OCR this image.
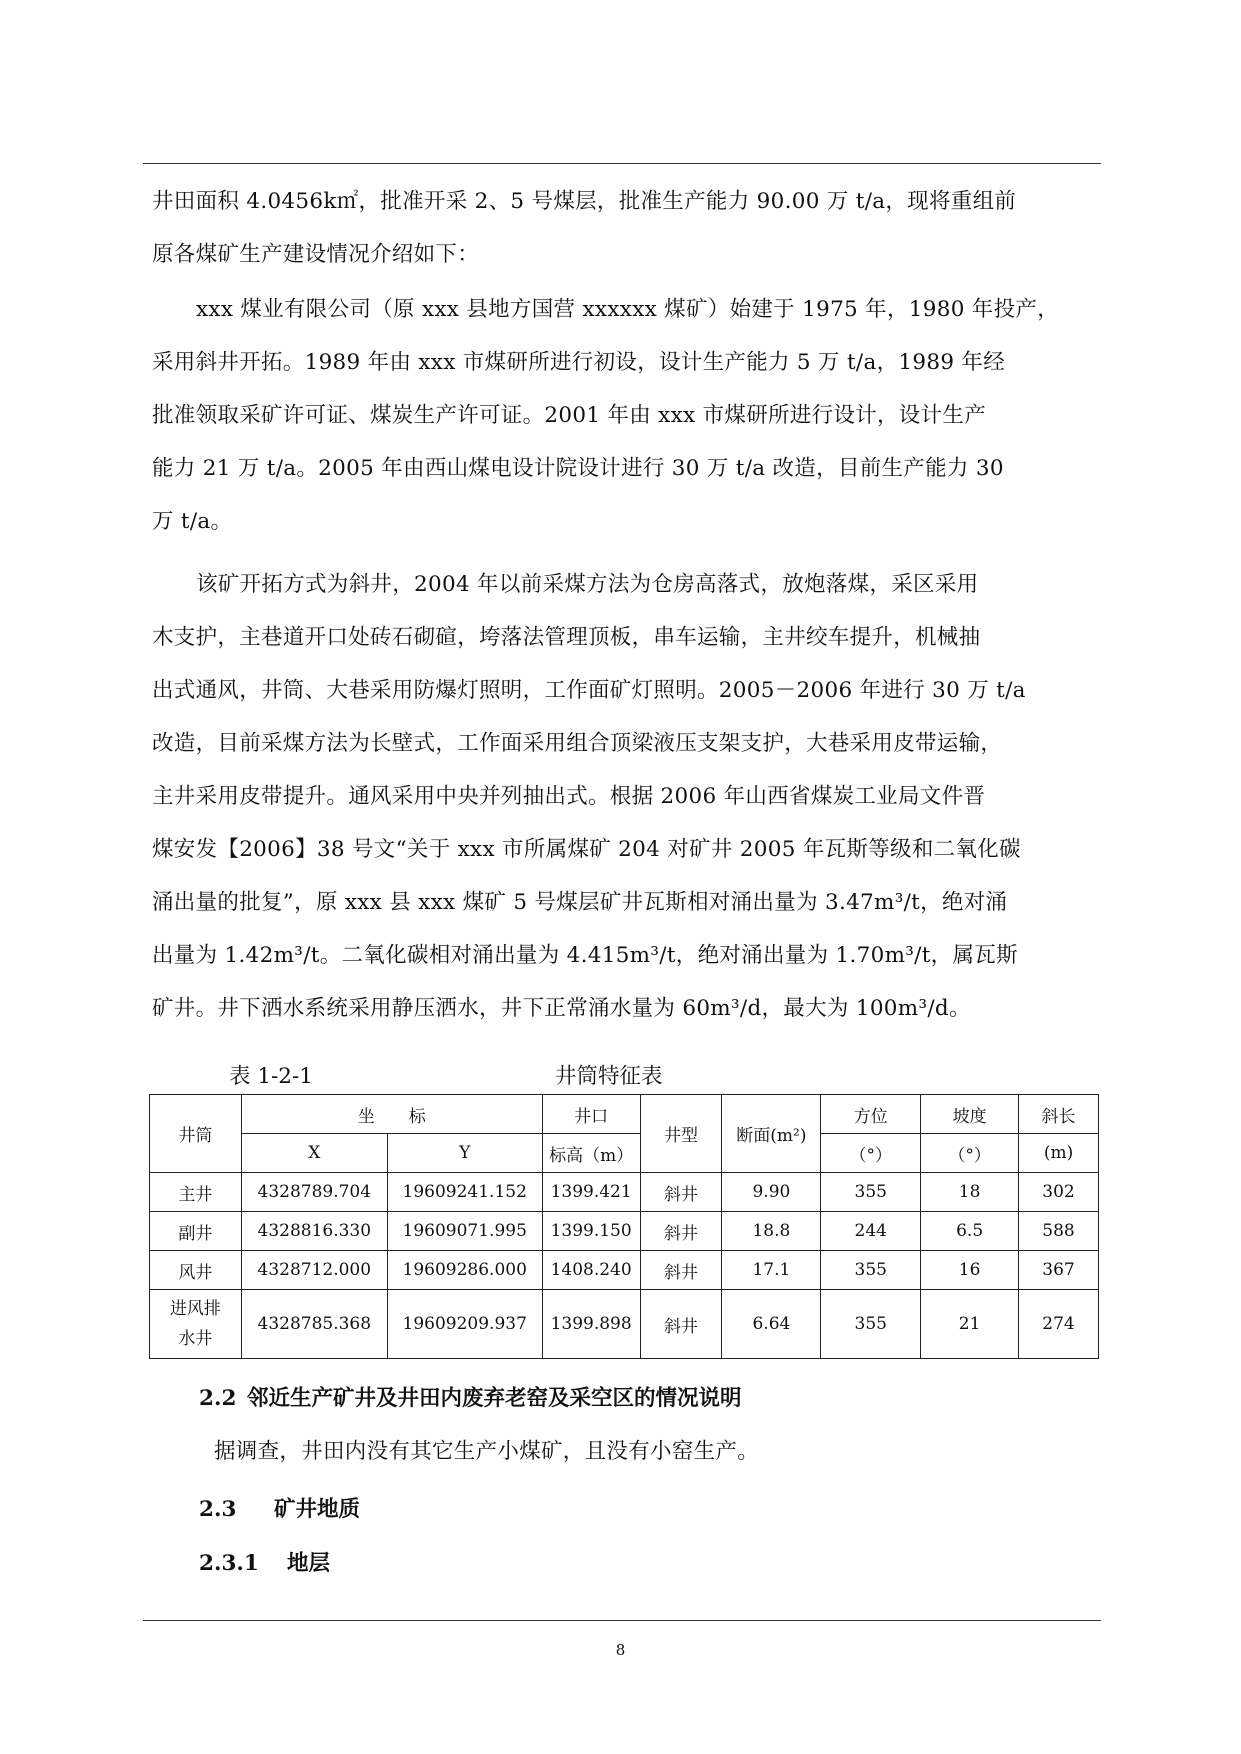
井田面积 4.0456k㎡，批准开采 2、5 号煤层，批准生产能力 90.00 万 t/a，现将重组前
原各煤矿生产建设情况介绍如下：
xxx 煤业有限公司（原 xxx 县地方国营 xxxxxx 煤矿）始建于 1975 年，1980 年投产，
采用斜井开拓。1989 年由 xxx 市煤研所进行初设，设计生产能力 5 万 t/a，1989 年经
批准领取采矿许可证、煤炭生产许可证。2001 年由 xxx 市煤研所进行设计，设计生产
能力 21 万 t/a。2005 年由西山煤电设计院设计进行 30 万 t/a 改造，目前生产能力 30
万 t/a。
该矿开拓方式为斜井，2004 年以前采煤方法为仓房高落式，放炮落煤，采区采用
木支护，主巷道开口处砖石砌碹，垮落法管理顶板，串车运输，主井绞车提升，机械抽
出式通风，井筒、大巷采用防爆灯照明，工作面矿灯照明。2005－2006 年进行 30 万 t/a
改造，目前采煤方法为长壁式，工作面采用组合顶梁液压支架支护，大巷采用皮带运输，
主井采用皮带提升。通风采用中央并列抽出式。根据 2006 年山西省煤炭工业局文件晋
煤安发【2006】38 号文“关于 xxx 市所属煤矿 204 对矿井 2005 年瓦斯等级和二氧化碳
涌出量的批复”，原 xxx 县 xxx 煤矿 5 号煤层矿井瓦斯相对涌出量为 3.47m³/t，绝对涌
出量为 1.42m³/t。二氧化碳相对涌出量为 4.415m³/t，绝对涌出量为 1.70m³/t，属瓦斯
矿井。井下洒水系统采用静压洒水，井下正常涌水量为 60m³/d，最大为 100m³/d。
表 1-2-1	井筒特征表
井筒	坐　　标		井口	井型	断面(m²)	方位	坡度	斜长
	X	Y	标高（m）			（°）	（°）	(m)
主井	4328789.704	19609241.152	1399.421	斜井	9.90	355	18	302
副井	4328816.330	19609071.995	1399.150	斜井	18.8	244	6.5	588
风井	4328712.000	19609286.000	1408.240	斜井	17.1	355	16	367

进风排
水井	4328785.368	19609209.937	1399.898	斜井	6.64	355	21	274
2.2 邻近生产矿井及井田内废弃老窑及采空区的情况说明
据调查，井田内没有其它生产小煤矿，且没有小窑生产。
2.3 矿井地质
2.3.1 地层
8
